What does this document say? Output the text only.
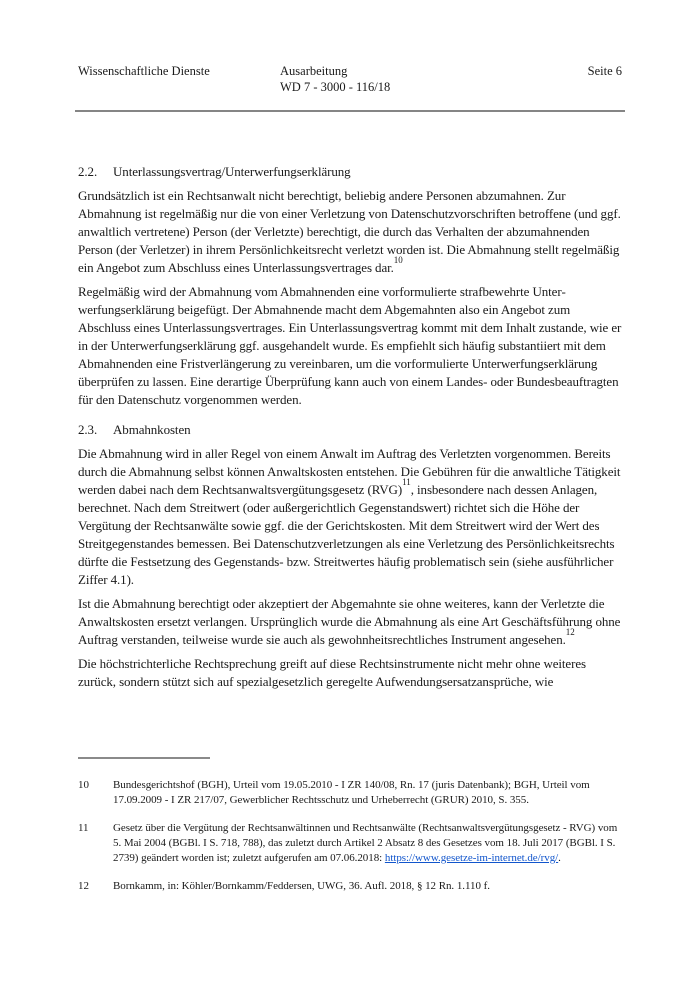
Wissenschaftliche Dienste	Ausarbeitung
WD 7 - 3000 - 116/18
Seite 6
2.2. Unterlassungsvertrag/Unterwerfungserklärung

Grundsätzlich ist ein Rechtsanwalt nicht berechtigt, beliebig andere Personen abzumahnen. Zur Abmahnung ist regelmäßig nur die von einer Verletzung von Datenschutzvorschriften betroffene (und ggf. anwaltlich vertretene) Person (der Verletzte) berechtigt, die durch das Verhalten der abzumahnenden Person (der Verletzer) in ihrem Persönlichkeitsrecht verletzt worden ist. Die Abmahnung stellt regelmäßig ein Angebot zum Abschluss eines Unterlassungsvertrages dar.$^{10}$

Regelmäßig wird der Abmahnung vom Abmahnenden eine vorformulierte strafbewehrte Unterwerfungserklärung beigefügt. Der Abmahnende macht dem Abgemahnten also ein Angebot zum Abschluss eines Unterlassungsvertrages. Ein Unterlassungsvertrag kommt mit dem Inhalt zustande, wie er in der Unterwerfungserklärung ggf. ausgehandelt wurde. Es empfiehlt sich häufig substantiiert mit dem Abmahnenden eine Fristverlängerung zu vereinbaren, um die vorformulierte Unterwerfungserklärung überprüfen zu lassen. Eine derartige Überprüfung kann auch von einem Landes- oder Bundesbeauftragten für den Datenschutz vorgenommen werden.

2.3. Abmahnkosten

Die Abmahnung wird in aller Regel von einem Anwalt im Auftrag des Verletzten vorgenommen. Bereits durch die Abmahnung selbst können Anwaltskosten entstehen. Die Gebühren für die anwaltliche Tätigkeit werden dabei nach dem Rechtsanwaltsvergütungsgesetz (RVG)$^{11}$, insbesondere nach dessen Anlagen, berechnet. Nach dem Streitwert (oder außergerichtlich Gegenstandswert) richtet sich die Höhe der Vergütung der Rechtsanwälte sowie ggf. die der Gerichtskosten. Mit dem Streitwert wird der Wert des Streitgegenstandes bemessen. Bei Datenschutzverletzungen als eine Verletzung des Persönlichkeitsrechts dürfte die Festsetzung des Gegenstands- bzw. Streitwertes häufig problematisch sein (siehe ausführlicher Ziffer 4.1).

Ist die Abmahnung berechtigt oder akzeptiert der Abgemahnte sie ohne weiteres, kann der Verletzte die Anwaltskosten ersetzt verlangen. Ursprünglich wurde die Abmahnung als eine Art Geschäftsführung ohne Auftrag verstanden, teilweise wurde sie auch als gewohnheitsrechtliches Instrument angesehen.$^{12}$

Die höchstrichterliche Rechtsprechung greift auf diese Rechtsinstrumente nicht mehr ohne weiteres zurück, sondern stützt sich auf spezialgesetzlich geregelte Aufwendungsersatzansprüche, wie

10	Bundesgerichtshof (BGH), Urteil vom 19.05.2010 - I ZR 140/08, Rn. 17 (juris Datenbank); BGH, Urteil vom 17.09.2009 - I ZR 217/07, Gewerblicher Rechtsschutz und Urheberrecht (GRUR) 2010, S. 355.
11	Gesetz über die Vergütung der Rechtsanwältinnen und Rechtsanwälte (Rechtsanwaltsvergütungsgesetz - RVG) vom 5. Mai 2004 (BGBl. I S. 718, 788), das zuletzt durch Artikel 2 Absatz 8 des Gesetzes vom 18. Juli 2017 (BGBl. I S. 2739) geändert worden ist; zuletzt aufgerufen am 07.06.2018: https://www.gesetze-im-internet.de/rvg/.
12	Bornkamm, in: Köhler/Bornkamm/Feddersen, UWG, 36. Aufl. 2018, § 12 Rn. 1.110 f.
